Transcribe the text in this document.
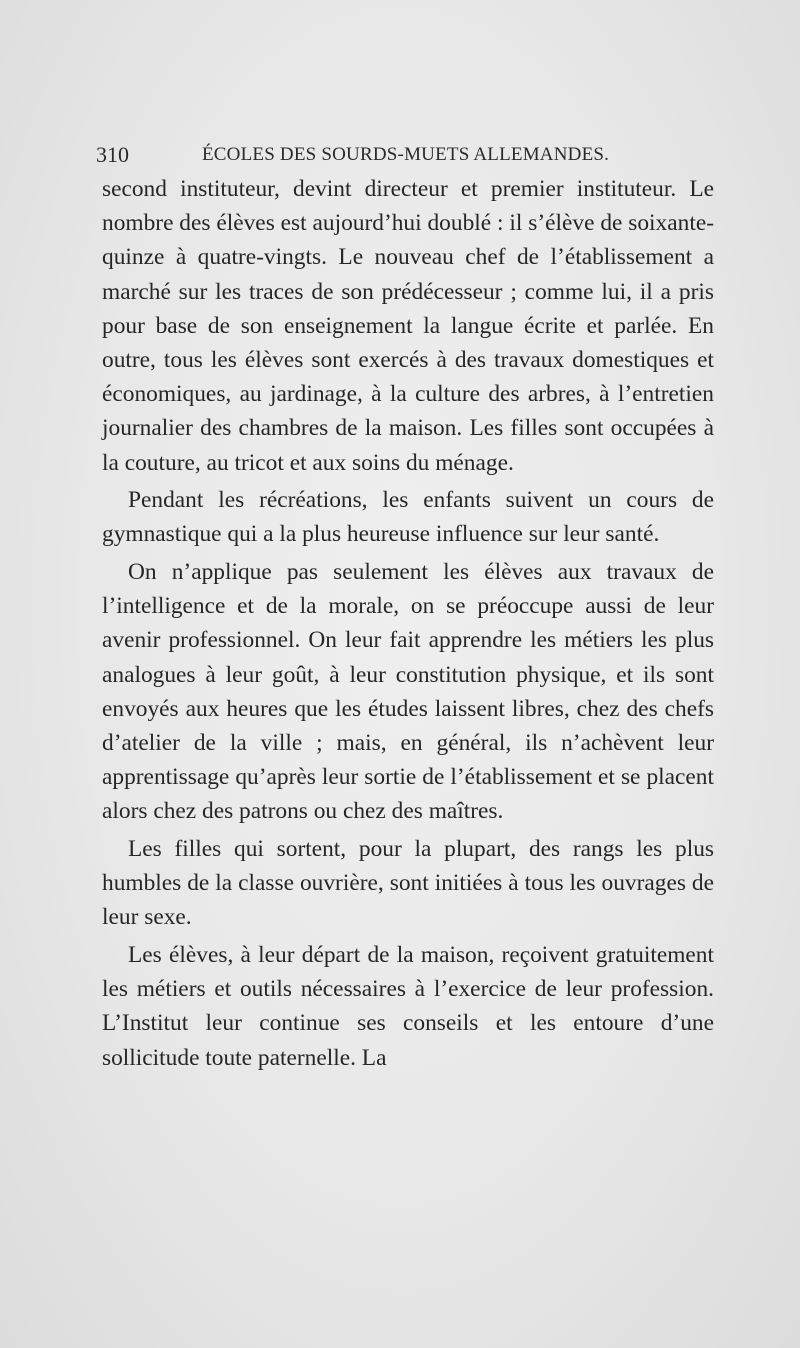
310	ÉCOLES DES SOURDS-MUETS ALLEMANDES.

second instituteur, devint directeur et premier instituteur. Le nombre des élèves est aujourd’hui doublé : il s’élève de soixante-quinze à quatre-vingts. Le nouveau chef de l’établissement a marché sur les traces de son prédécesseur ; comme lui, il a pris pour base de son enseignement la langue écrite et parlée. En outre, tous les élèves sont exercés à des travaux domestiques et économiques, au jardinage, à la culture des arbres, à l’entretien journalier des chambres de la maison. Les filles sont occupées à la couture, au tricot et aux soins du ménage.

Pendant les récréations, les enfants suivent un cours de gymnastique qui a la plus heureuse influence sur leur santé.

On n’applique pas seulement les élèves aux travaux de l’intelligence et de la morale, on se préoccupe aussi de leur avenir professionnel. On leur fait apprendre les métiers les plus analogues à leur goût, à leur constitution physique, et ils sont envoyés aux heures que les études laissent libres, chez des chefs d’atelier de la ville ; mais, en général, ils n’achèvent leur apprentissage qu’après leur sortie de l’établissement et se placent alors chez des patrons ou chez des maîtres.

Les filles qui sortent, pour la plupart, des rangs les plus humbles de la classe ouvrière, sont initiées à tous les ouvrages de leur sexe.

Les élèves, à leur départ de la maison, reçoivent gratuitement les métiers et outils nécessaires à l’exercice de leur profession. L’Institut leur continue ses conseils et les entoure d’une sollicitude toute paternelle. La
